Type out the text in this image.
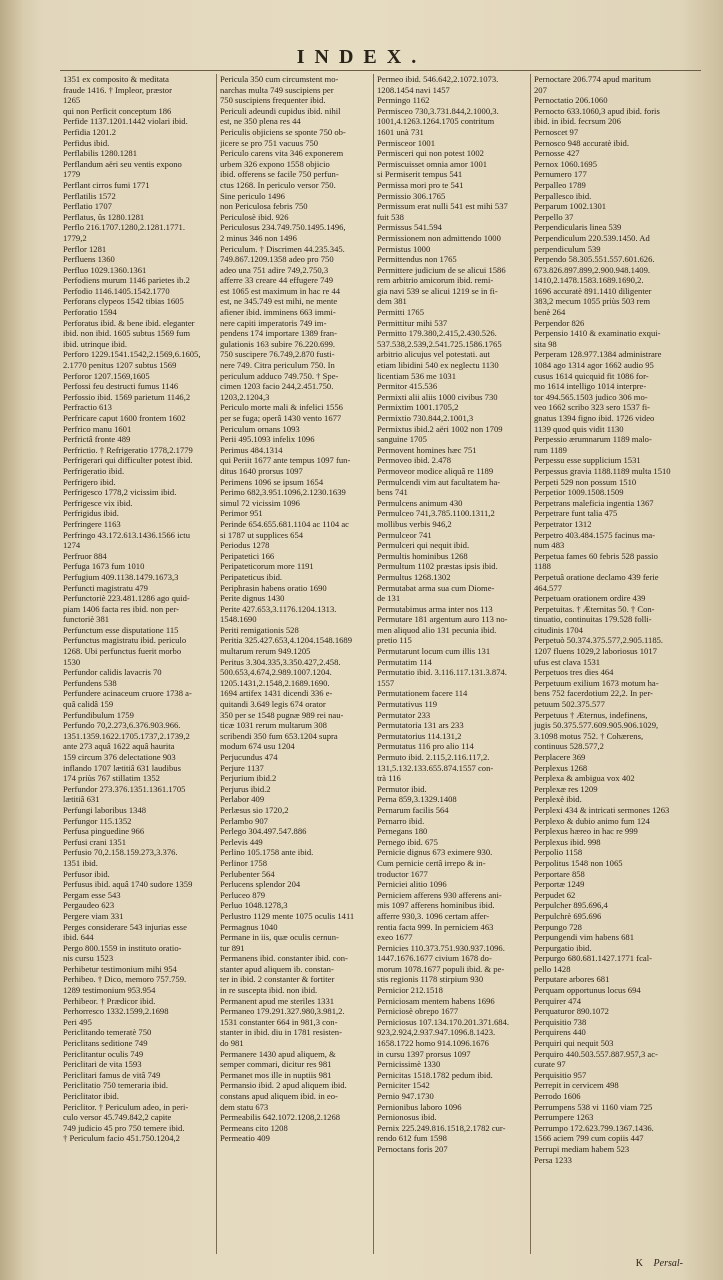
INDEX.
1351 ex composito & meditata
fraude 1416. † Impleor, præstor
1265
qui non Perficit conceptum 186
Perfide 1137.1201.1442 violari ibid.
Perfidia 1201.2
Perfidus ibid.
Perflabilis 1280.1281
Perflandum aëri seu ventis expono
1779
Perflant cirros fumi 1771
Perflatilis 1572
Perflatio 1707
Perflatus, ûs 1280.1281
Perflo 216.1707.1280,2.1281.1771.
1779,2
Perflor 1281
Perfluens 1360
Perfluo 1029.1360.1361
Perfodiens murum 1146 parietes ib.2
Perfodio 1146.1405.1542.1770
Perforans clypeos 1542 tibias 1605
Perforatio 1594
Perforatus ibid. & bene ibid. eleganter
ibid. non ibid. 1605 subtus 1569 fum
ibid. utrinque ibid.
Perforo 1229.1541.1542,2.1569,6.1605,
2.1770 penitus 1207 subtus 1569
Perforor 1207.1569,1605
Perfossi feu destructi fumus 1146
Perfossio ibid. 1569 parietum 1146,2
Perfractio 613
Perfricare caput 1600 frontem 1602
Perfrico manu 1601
Perfrictâ fronte 489
Perfrictio. † Refrigeratio 1778,2.1779
Perfrigerari qui difficulter potest ibid.
Perfrigeratio ibid.
Perfrigero ibid.
Perfrigesco 1778,2 vicissim ibid.
Perfrigesce vix ibid.
Perfrigidus ibid.
Perfringere 1163
Perfringo 43.172.613.1436.1566 ictu
1274
Perfruor 884
Perfuga 1673 fum 1010
Perfugium 409.1138.1479.1673,3
Perfuncti magistratu 479
Perfunctoriè 223.481.1286 ago quid-
piam 1406 facta res ibid. non per-
functoriè 381
Perfunctum esse disputatione 115
Perfunctus magistratu ibid. periculo
1268. Ubi perfunctus fuerit morbo
1530
Perfundor calidis lavacris 70
Perfundens 538
Perfundere acinaceum cruore 1738 a-
quâ calidâ 159
Perfundibulum 1759
Perfundo 70,2.273,6.376.903.966.
1351.1359.1622.1705.1737,2.1739,2
ante 273 aquâ 1622 aquâ haurita
159 circum 376 delectatione 903
inflando 1707 lætitiâ 631 laudibus
174 priùs 767 stillatim 1352
Perfundor 273.376.1351.1361.1705
lætitiâ 631
Perfungi laboribus 1348
Perfungor 115.1352
Perfusa pinguedine 966
Perfusi crani 1351
Perfusio 70,2.158.159.273,3.376.
1351 ibid.
Perfusor ibid.
Perfusus ibid. aquâ 1740 sudore 1359
Pergam esse 543
Pergaudeo 623
Pergere viam 331
Perges considerare 543 injurias esse
ibid. 644
Pergo 800.1559 in instituto oratio-
nis cursu 1523
Perhibetur testimonium mihi 954
Perhibeo. † Dico, memoro 757.759.
1289 testimonium 953.954
Perhibeor. † Prædicor ibid.
Perhorresco 1332.1599,2.1698
Peri 495
Periclitando temeratè 750
Periclitans seditione 749
Periclitantur oculis 749
Periclitari de vita 1593
Periclitari famus de vitâ 749
Periclitatio 750 temeraria ibid.
Periclitator ibid.
Periclitor. † Periculum adeo, in peri-
culo versor 45.749.842,2 capite
749 judicio 45 pro 750 temere ibid.
† Periculum facio 451.750.1204,2
Pericula 350 cum circumstent mo-
narchas multa 749 suscipiens per
750 suscipiens frequenter ibid.
Periculi adeundi cupidus ibid. nihil
est, ne 350 plena res 44
Periculis objiciens se sponte 750 ob-
jicere se pro 751 vacuus 750
Periculo carens vita 346 exponerem
urbem 326 expono 1558 objicio
ibid. offerens se facile 750 perfun-
ctus 1268. In periculo versor 750.
Sine periculo 1496
non Periculosa febris 750
Periculosè ibid. 926
Periculosus 234.749.750.1495.1496,
2 minus 346 non 1496
Periculum. † Discrimen 44.235.345.
749.867.1209.1358 adeo pro 750
adeo una 751 adire 749,2.750,3
afferre 33 creare 44 effugere 749
est 1065 est maximum in hac re 44
est, ne 345.749 est mihi, ne mente
afiener ibid. imminens 663 immi-
nere capiti imperatoris 749 im-
pendens 174 importare 1389 fran-
gulationis 163 subire 76.220.699.
750 suscipere 76.749,2.870 fusti-
nere 749. Citra periculum 750. In
periculum adduco 749.750. † Spe-
cimen 1203 facio 244,2.451.750.
1203,2.1204,3
Periculo morte mali & infelici 1556
per se fuga; operâ 1430 vento 1677
Periculum ornans 1093
Perii 495.1093 infelix 1096
Perimus 484.1314
qui Periit 1677 ante tempus 1097 fun-
ditus 1640 prorsus 1097
Perimens 1096 se ipsum 1654
Perimo 682,3.951.1096,2.1230.1639
simul 72 vicissim 1096
Perimor 951
Perinde 654.655.681.1104 ac 1104 ac
si 1787 ut supplices 654
Periodus 1278
Peripatetici 166
Peripateticorum more 1191
Peripateticus ibid.
Periphrasin habens oratio 1690
Perite dignus 1430
Perite 427.653,3.1176.1204.1313.
1548.1690
Periti remigationis 528
Peritia 325.427.653,4.1204.1548.1689
multarum rerum 949.1205
Peritus 3.304.335,3.350.427,2.458.
500.653,4.674,2.989.1007.1204.
1205.1431,2.1548,2.1689.1690.
1694 artifex 1431 dicendi 336 e-
quitandi 3.649 legis 674 orator
350 per se 1548 pugnæ 989 rei nau-
ticæ 1031 rerum multarum 308
scribendi 350 fum 653.1204 supra
modum 674 usu 1204
Perjucundus 474
Perjure 1137
Perjurium ibid.2
Perjurus ibid.2
Perlabor 409
Perlæsus sio 1720,2
Perlambo 907
Perlego 304.497.547.886
Perlevis 449
Perlino 105.1758 ante ibid.
Perlinor 1758
Perlubenter 564
Perlucens splendor 204
Perluceo 879
Perluo 1048.1278,3
Perlustro 1129 mente 1075 oculis 1411
Permagnus 1040
Permane in iis, quæ oculis cernun-
tur 891
Permanens ibid. constanter ibid. con-
stanter apud aliquem ib. constan-
ter in ibid. 2 constanter & fortiter
in re suscepta ibid. non ibid.
Permanent apud me steriles 1331
Permaneo 179.291.327.980,3.981,2.
1531 constanter 664 in 981,3 con-
stanter in ibid. diu in 1781 resisten-
do 981
Permanere 1430 apud aliquem, &
semper commari, dicitur res 981
Permanet mos ille in nuptiis 981
Permansio ibid. 2 apud aliquem ibid.
constans apud aliquem ibid. in eo-
dem statu 673
Permeabilis 642.1072.1208,2.1268
Permeans cito 1208
Permeatio 409
Permeo ibid. 546.642,2.1072.1073.
1208.1454 navi 1457
Permingo 1162
Permisceo 730,3.731.844,2.1000,3.
1001,4.1263.1264.1705 contritum
1601 unà 731
Permisceor 1001
Permisceri qui non potest 1002
Permiscuisset omnia amor 1001
si Permiserit tempus 541
Permissa mori pro te 541
Permissio 306.1765
Permissum erat nulli 541 est mihi 537
fuit 538
Permissus 541.594
Permissionem non admittendo 1000
Permistus 1000
Permittendus non 1765
Permittere judicium de se alicui 1586
rem arbitrio amicorum ibid. remi-
gia navi 539 se alicui 1219 se in fi-
dem 381
Permitti 1765
Permittitur mihi 537
Permitto 179.380,2.415,2.430.526.
537.538,2.539,2.541.725.1586.1765
arbitrio alicujus vel potestati. aut
etiam libidini 540 ex neglectu 1130
licentiam 536 me 1031
Permitor 415.536
Permixti alii aliis 1000 civibus 730
Permixtim 1001.1705,2
Permixtio 730.844,2.1001,3
Permixtus ibid.2 aëri 1002 non 1709
sanguine 1705
Permovent homines hæc 751
Permoveo ibid. 2.478
Permoveor modice aliquâ re 1189
Permulcendi vim aut facultatem ha-
bens 741
Permulcens animum 430
Permulceo 741,3.785.1100.1311,2
mollibus verbis 946,2
Permulceor 741
Permulceri qui nequit ibid.
Permultis hominibus 1268
Permultum 1102 præstas ipsis ibid.
Permultus 1268.1302
Permutabat arma sua cum Diome-
de 131
Permutabimus arma inter nos 113
Permutare 181 argentum auro 113 no-
men aliquod alio 131 pecunia ibid.
pretio 115
Permutarunt locum cum illis 131
Permutatim 114
Permutatio ibid. 3.116.117.131.3.874.
1557
Permutationem facere 114
Permutativus 119
Permutator 233
Permutatoria 131 ars 233
Permutatorius 114.131,2
Permutatus 116 pro alio 114
Permuto ibid. 2.115,2.116.117,2.
131,5.132.133.655.874.1557 con-
trà 116
Permutor ibid.
Perna 859,3.1329.1408
Pernarum facilis 564
Pernarro ibid.
Pernegans 180
Pernego ibid. 675
Pernicie dignus 673 eximere 930.
Cum pernicie certâ irrepo & in-
troductor 1677
Perniciei alitio 1096
Perniciem afferens 930 afferens ani-
mis 1097 afferens hominibus ibid.
afferre 930,3. 1096 certam affer-
rentia facta 999. In perniciem 463
exeo 1677
Pernicies 110.373.751.930.937.1096.
1447.1676.1677 civium 1678 do-
morum 1078.1677 populi ibid. & pe-
stis regionis 1178 stirpium 930
Pernicior 212.1518
Perniciosam mentem habens 1696
Perniciosè obrepo 1677
Perniciosus 107.134.170.201.371.684.
923,2.924,2.937.947.1096.8.1423.
1658.1722 homo 914.1096.1676
in cursu 1397 prorsus 1097
Pernicissimè 1330
Pernicitas 1518.1782 pedum ibid.
Perniciter 1542
Pernio 947.1730
Pernionibus laboro 1096
Pernionosus ibid.
Pernix 225.249.816.1518,2.1782 cur-
rendo 612 fum 1598
Pernoctans foris 207
Pernoctare 206.774 apud maritum
207
Pernoctatio 206.1060
Pernocto 633.1060,3 apud ibid. foris
ibid. in ibid. fecrsum 206
Pernoscet 97
Pernosco 948 accuratè ibid.
Pernosse 427
Pernox 1060.1695
Pernumero 177
Perpalleo 1789
Perpallesco ibid.
Perparum 1002.1301
Perpello 37
Perpendicularis linea 539
Perpendiculum 220.539.1450. Ad
perpendiculum 539
Perpendo 58.305.551.557.601.626.
673.826.897.899,2.900.948.1409.
1410,2.1478.1583.1689.1690,2.
1696 accuratè 891.1410 diligenter
383,2 mecum 1055 priùs 503 rem
benè 264
Perpendor 826
Perpensio 1410 & examinatio exqui-
sita 98
Perperam 128.977.1384 administrare
1084 ago 1314 agor 1662 audio 95
cusus 1614 quicquid fit 1086 for-
mo 1614 intelligo 1014 interpre-
tor 494.565.1503 judico 306 mo-
veo 1662 scribo 323 sero 1537 fi-
gnatus 1394 figno ibid. 1726 video
1139 quod quis vidit 1130
Perpessio ærumnarum 1189 malo-
rum 1189
Perpessu esse supplicium 1531
Perpessus gravia 1188.1189 multa 1510
Perpeti 529 non possum 1510
Perpetior 1009.1508.1509
Perpetrans maleficia ingentia 1367
Perpetrare funt talia 475
Perpetrator 1312
Perpetro 403.484.1575 facinus ma-
num 483
Perpetua fames 60 febris 528 passio
1188
Perpetuâ oratione declamo 439 ferie
464.577
Perpetuam orationem ordire 439
Perpetuitas. † Æternitas 50. † Con-
tinuatio, continuitas 179.528 folli-
citudinis 1704
Perpetuò 50.374.375.577,2.905.1185.
1207 fluens 1029,2 laboriosus 1017
ufus est clava 1531
Perpetuos tres dies 464
Perpetuum exilium 1673 motum ha-
bens 752 facerdotium 22,2. In per-
petuum 502.375.577
Perpetuus † Æternus, indefinens,
jugis 50.375.577.609.905.906.1029,
3.1098 motus 752. † Cohærens,
continuus 528.577,2
Perplacere 369
Perplexus 1268
Perplexa & ambigua vox 402
Perplexæ res 1209
Perplexè ibid.
Perplexi 434 & intricati sermones 1263
Perplexo & dubio animo fum 124
Perplexus hæreo in hac re 999
Perplexus ibid. 998
Perpolio 1158
Perpolitus 1548 non 1065
Perportare 858
Perportæ 1249
Perpudet 62
Perpulcher 895.696,4
Perpulchrè 695.696
Perpungo 728
Perpungendi vim habens 681
Perpurgatio ibid.
Perpurgo 680.681.1427.1771 fcal-
pello 1428
Perputare arbores 681
Perquam opportunus locus 694
Perquirer 474
Perquaturor 890.1072
Perquisitio 738
Perquirens 440
Perquiri qui nequit 503
Perquiro 440.503.557.887.957,3 ac-
curate 97
Perquisitio 957
Perrepit in cervicem 498
Perrodo 1606
Perrumpens 538 vi 1160 viam 725
Perrumpere 1263
Perrumpo 172.623.799.1367.1436.
1566 aciem 799 cum copiis 447
Perrupi mediam habem 523
Persa 1233
K Persal-
